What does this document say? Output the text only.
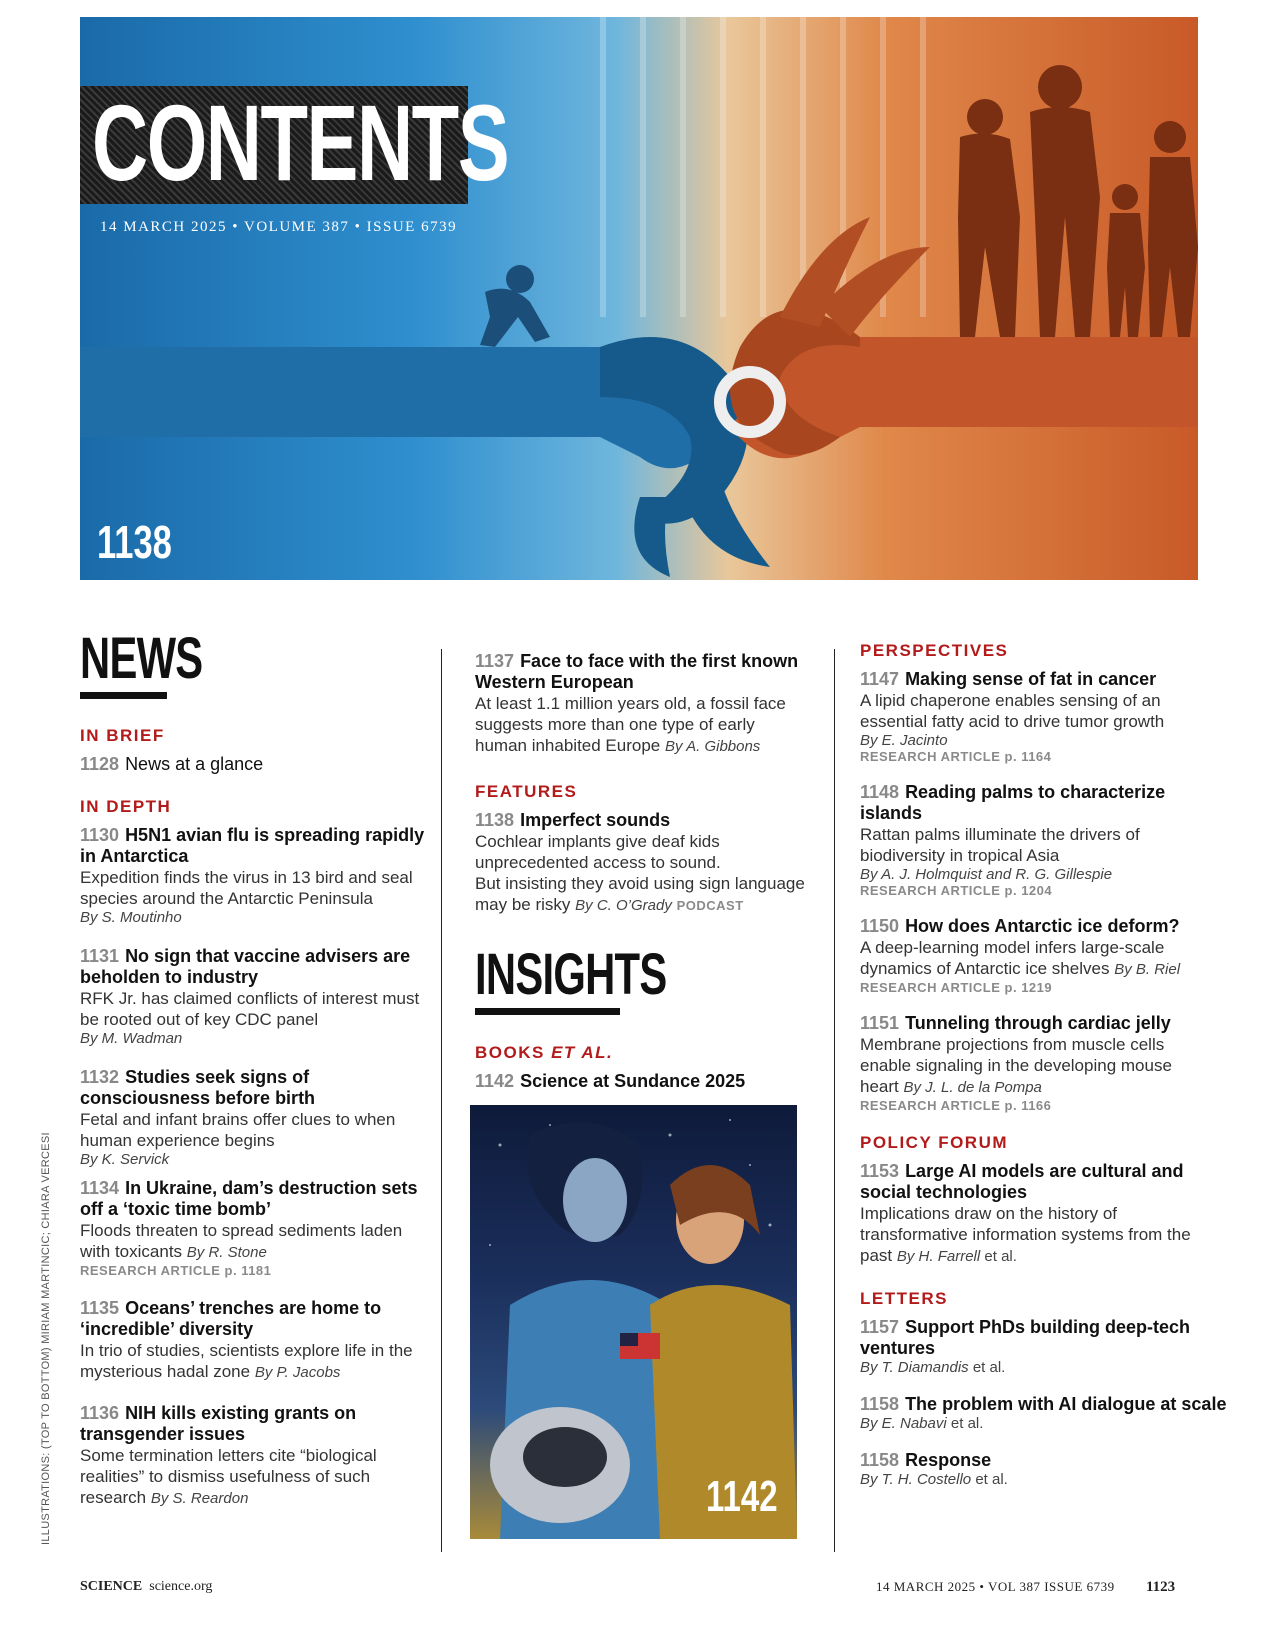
CONTENTS
14 MARCH 2025 • VOLUME 387 • ISSUE 6739
1138
NEWS

IN BRIEF

1128 News at a glance

IN DEPTH

1130 H5N1 avian flu is spreading rapidly in Antarctica
Expedition finds the virus in 13 bird and seal species around the Antarctic Peninsula
By S. Moutinho
1131 No sign that vaccine advisers are beholden to industry
RFK Jr. has claimed conflicts of interest must be rooted out of key CDC panel
By M. Wadman
1132 Studies seek signs of consciousness before birth
Fetal and infant brains offer clues to when human experience begins
By K. Servick
1134 In Ukraine, dam’s destruction sets off a ‘toxic time bomb’
Floods threaten to spread sediments laden with toxicants By R. Stone
RESEARCH ARTICLE p. 1181
1135 Oceans’ trenches are home to ‘incredible’ diversity
In trio of studies, scientists explore life in the mysterious hadal zone By P. Jacobs
1136 NIH kills existing grants on transgender issues
Some termination letters cite “biological realities” to dismiss usefulness of such research By S. Reardon
1137 Face to face with the first known Western European
At least 1.1 million years old, a fossil face suggests more than one type of early human inhabited Europe By A. Gibbons

FEATURES

1138 Imperfect sounds
Cochlear implants give deaf kids unprecedented access to sound.
But insisting they avoid using sign language may be risky By C. O’Grady PODCAST
INSIGHTS

BOOKS ET AL.

1142 Science at Sundance 2025
1142

PERSPECTIVES

1147 Making sense of fat in cancer
A lipid chaperone enables sensing of an essential fatty acid to drive tumor growth
By E. Jacinto
RESEARCH ARTICLE p. 1164
1148 Reading palms to characterize islands
Rattan palms illuminate the drivers of biodiversity in tropical Asia
By A. J. Holmquist and R. G. Gillespie
RESEARCH ARTICLE p. 1204
1150 How does Antarctic ice deform?
A deep-learning model infers large-scale dynamics of Antarctic ice shelves By B. Riel
RESEARCH ARTICLE p. 1219
1151 Tunneling through cardiac jelly
Membrane projections from muscle cells enable signaling in the developing mouse heart By J. L. de la Pompa
RESEARCH ARTICLE p. 1166

POLICY FORUM

1153 Large AI models are cultural and social technologies
Implications draw on the history of transformative information systems from the past By H. Farrell et al.

LETTERS

1157 Support PhDs building deep-tech ventures
By T. Diamandis et al.
1158 The problem with AI dialogue at scale
By E. Nabavi et al.
1158 Response
By T. H. Costello et al.
ILLUSTRATIONS: (TOP TO BOTTOM) MIRIAM MARTINCIC; CHIARA VERCESI
SCIENCE science.org	14 MARCH 2025 • VOL 387 ISSUE 6739 1123
